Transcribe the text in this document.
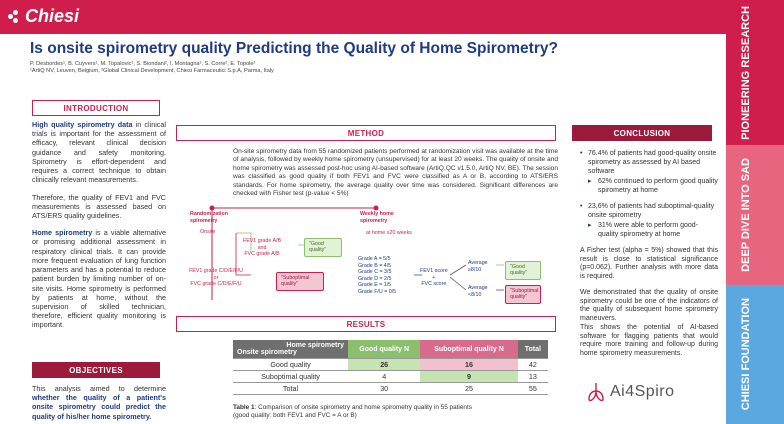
Chiesi
Is onsite spirometry quality Predicting the Quality of Home Spirometry?
P. Desbordes¹, B. Cuyvers¹, M. Topalovic¹, S. Biondani², I. Montagna², S. Corre², E. Topole²
¹ArtiQ NV, Leuven, Belgium, ²Global Clinical Development, Chiesi Farmaceutici S.p.A, Parma, Italy	PIONEERING RESEARCH
DEEP DIVE INTO SAD
CHIESI FOUNDATION
INTRODUCTION

High quality spirometry data in clinical trials is important for the assessment of efficacy, relevant clinical decision guidance and safety monitoring. Spirometry is effort-dependent and requires a correct technique to obtain clinically relevant measurements.

Therefore, the quality of FEV1 and FVC measurements is assessed based on ATS/ERS quality guidelines.

Home spirometry is a viable alternative or promising additional assessment in respiratory clinical trials. It can provide more frequent evaluation of lung function parameters and has a potential to reduce patient burden by limiting number of on-site visits. Home spirometry is performed by patients at home, without the supervision of skilled technician, therefore, efficient quality monitoring is important.

OBJECTIVES
This analysis aimed to determine whether the quality of a patient's onsite spirometry could predict the quality of his/her home spirometry.
METHOD
On-site spirometry data from 55 randomized patients performed at randomization visit was available at the time of analysis, followed by weekly home spirometry (unsupervised) for at least 20 weeks. The quality of onsite and home spirometry was assessed post-hoc using AI-based software (ArtiQ.QC v1.5.0, ArtiQ NV, BE). The session was classified as good quality if both FEV1 and FVC were classified as A or B, according to ATS/ERS standards. For home spirometry, the average quality over time was considered. Significant differences are checked with Fisher test (p-value < 5%)
Randomization spirometry
Weekly home spirometry
Onsite	at home ≥20 weeks
FEV1 grade A/B
and
FVC grade A/B
"Good quality"
FEV1 grade C/D/E/F/U
or
FVC grade C/D/E/F/U
"Suboptimal quality"
Grade A = 5/5
Grade B = 4/5
Grade C = 3/5
Grade D = 2/5
Grade E = 1/5
Grade F/U = 0/5
FEV1 score
+
FVC score
Average ≥8/10
Average <8/10
"Good quality"
"Suboptimal quality"
RESULTS
Home spirometry
Onsite spirometry	Good quality N	Suboptimal quality N	Total
Good quality	26	16	42
Suboptimal quality	4	9	13
Total	30	25	55
Table 1: Comparison of onsite spirometry and home spirometry quality in 55 patients
(good quality: both FEV1 and FVC = A or B)
CONCLUSION
• 76.4% of patients had good-quality onsite spirometry as assessed by AI based software
▸ 62% continued to perform good quality spirometry at home
• 23,6% of patients had suboptimal-quality onsite spirometry
▸ 31% were able to perform good-quality spirometry at home

A Fisher test (alpha = 5%) showed that this result is close to statistical significance (p=0.062). Further analysis with more data is required.

We demonstrated that the quality of onsite spirometry could be one of the indicators of the quality of subsequent home spirometry maneuvers.

This shows the potential of AI-based software for flagging patients that would require more training and follow-up during home spirometry measurements.

Ai4Spiro
